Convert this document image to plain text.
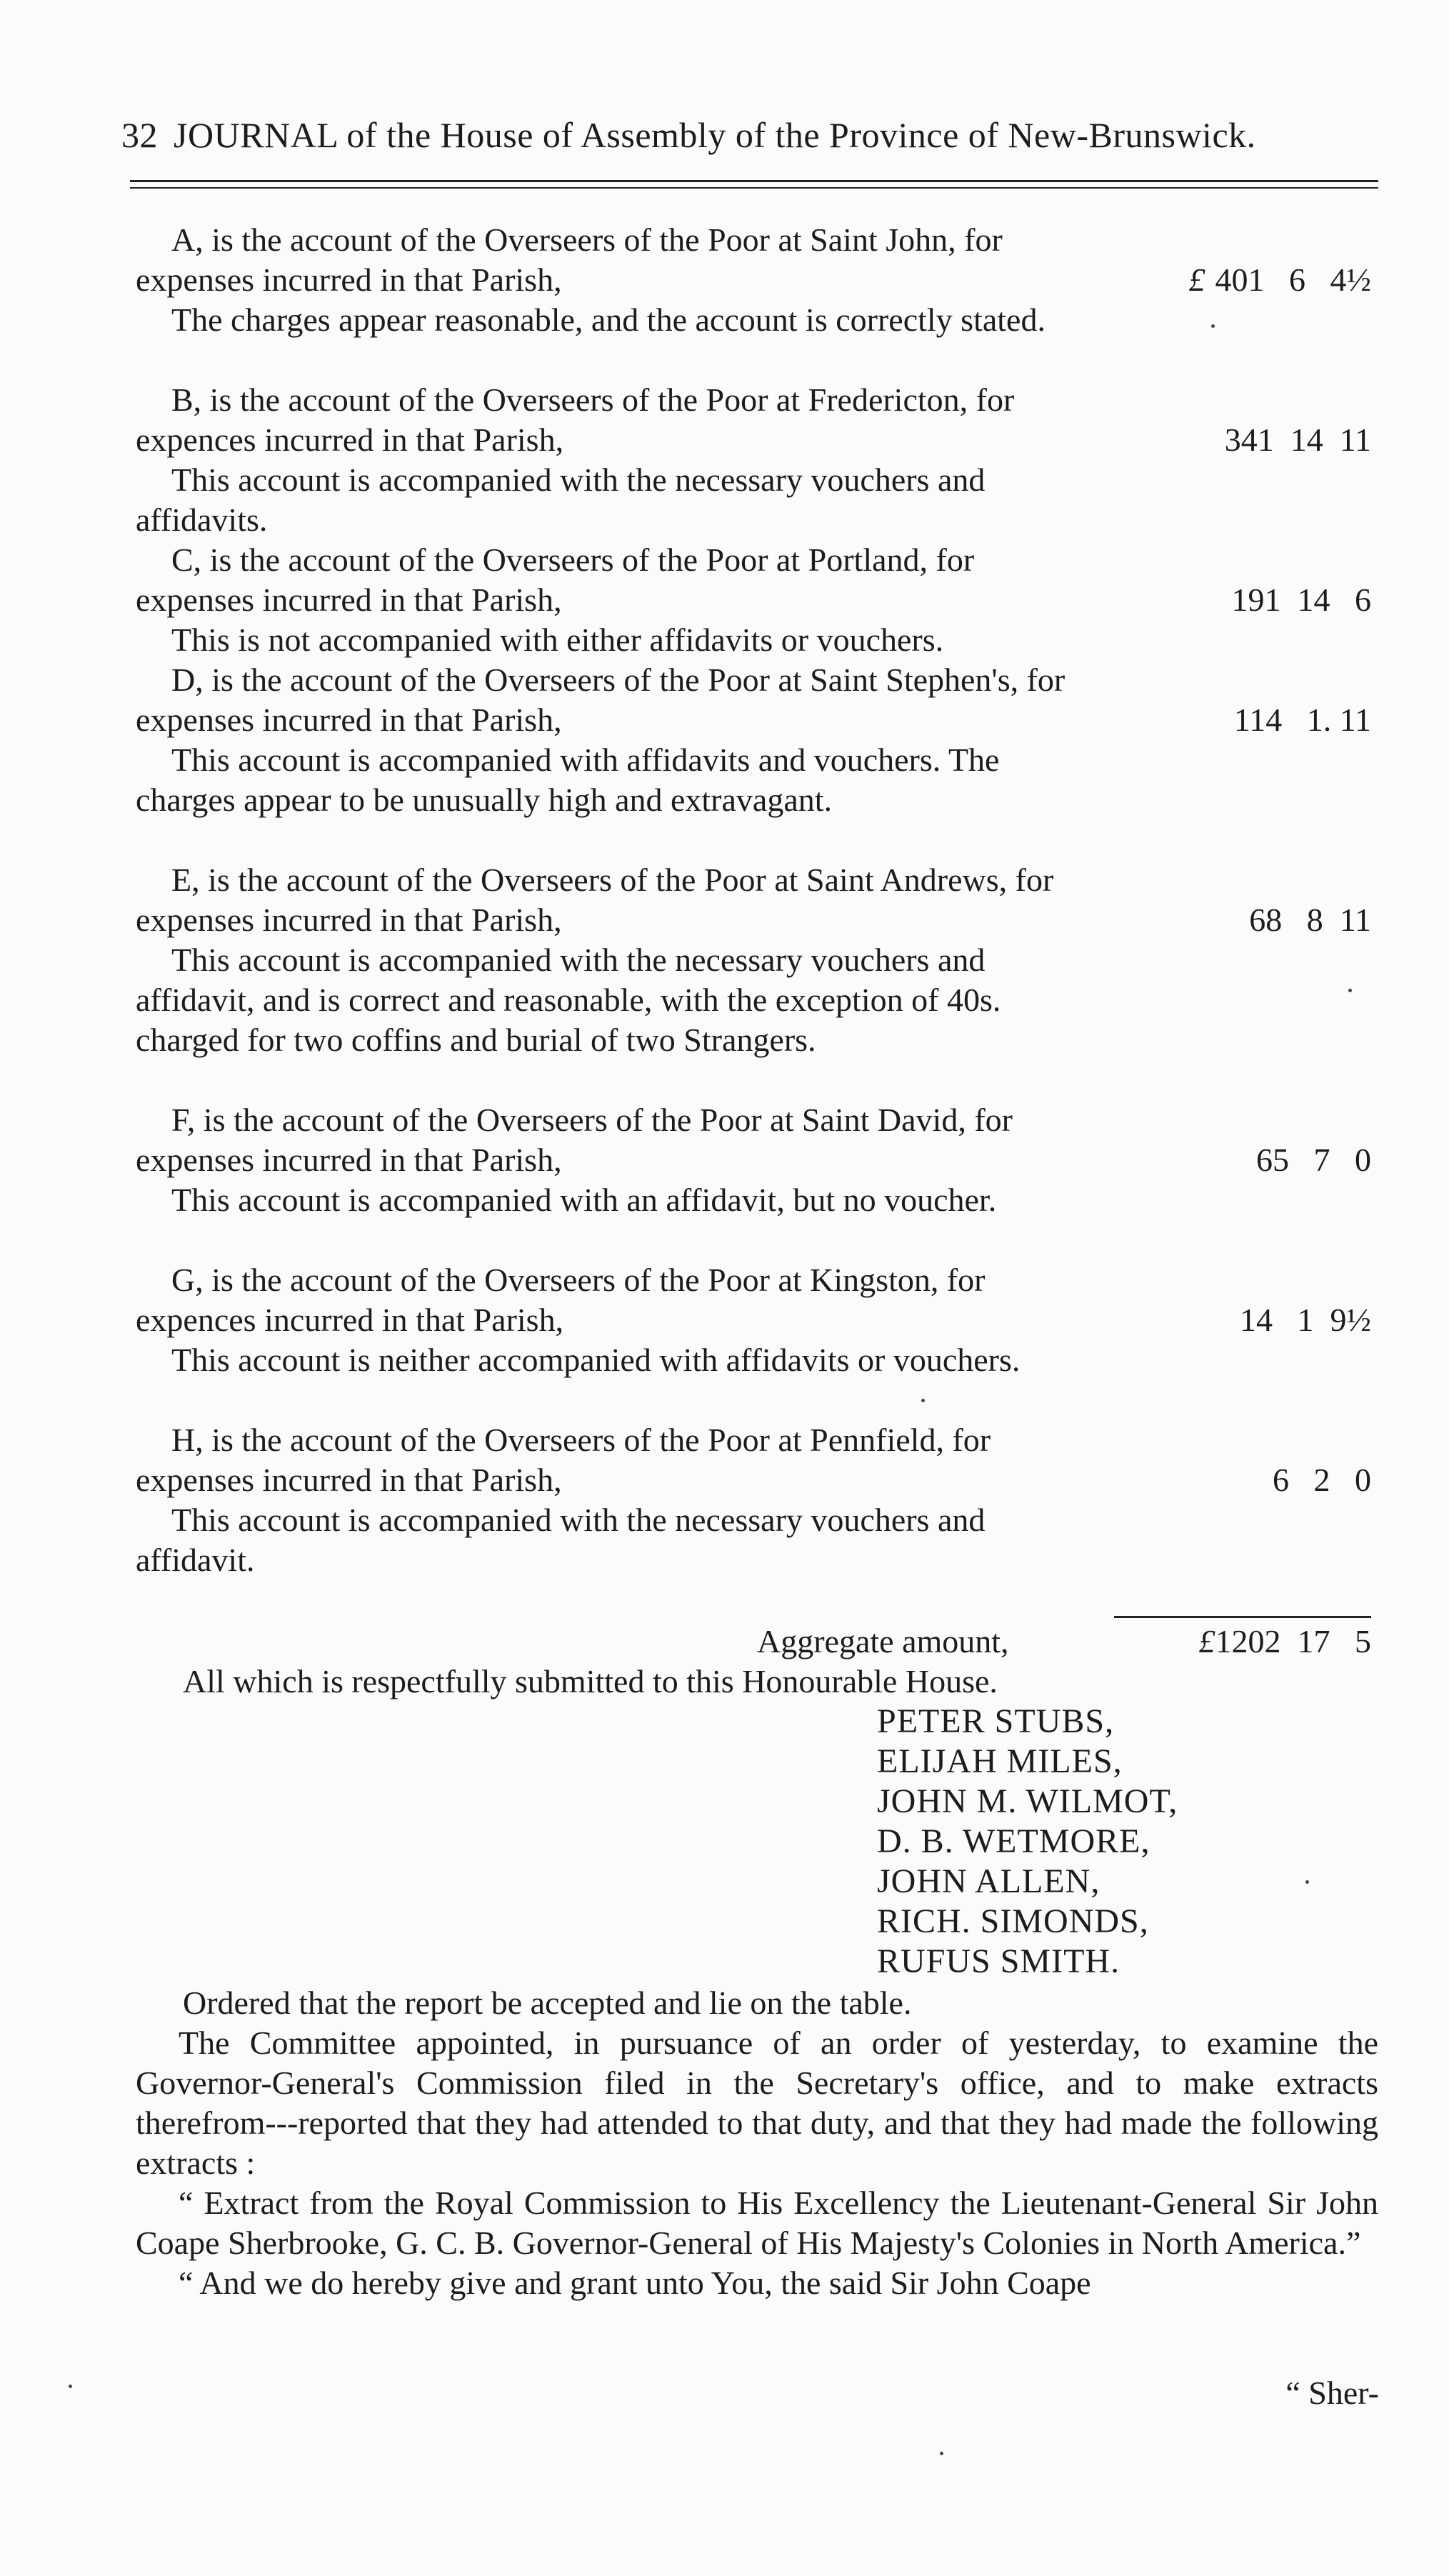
32 JOURNAL of the House of Assembly of the Province of New-Brunswick.

A, is the account of the Overseers of the Poor at Saint John, for expenses incurred in that Parish,

The charges appear reasonable, and the account is correctly stated.

£ 401 6 4½

B, is the account of the Overseers of the Poor at Fredericton, for expences incurred in that Parish,

This account is accompanied with the necessary vouchers and affidavits.

341 14 11

C, is the account of the Overseers of the Poor at Portland, for expenses incurred in that Parish,

This is not accompanied with either affidavits or vouchers.

191 14 6

D, is the account of the Overseers of the Poor at Saint Stephen's, for expenses incurred in that Parish,

This account is accompanied with affidavits and vouchers. The charges appear to be unusually high and extravagant.

114 1. 11

E, is the account of the Overseers of the Poor at Saint Andrews, for expenses incurred in that Parish,

This account is accompanied with the necessary vouchers and affidavit, and is correct and reasonable, with the exception of 40s. charged for two coffins and burial of two Strangers.

68 8 11

F, is the account of the Overseers of the Poor at Saint David, for expenses incurred in that Parish,

This account is accompanied with an affidavit, but no voucher.

65 7 0

G, is the account of the Overseers of the Poor at Kingston, for expences incurred in that Parish,

This account is neither accompanied with affidavits or vouchers.

14 1 9½

H, is the account of the Overseers of the Poor at Pennfield, for expenses incurred in that Parish,

This account is accompanied with the necessary vouchers and affidavit.

6 2 0
Aggregate amount,	£1202 17 5
All which is respectfully submitted to this Honourable House.
PETER STUBS,
ELIJAH MILES,
JOHN M. WILMOT,
D. B. WETMORE,
JOHN ALLEN,
RICH. SIMONDS,
RUFUS SMITH.
Ordered that the report be accepted and lie on the table.

The Committee appointed, in pursuance of an order of yesterday, to examine the Governor-General's Commission filed in the Secretary's office, and to make extracts therefrom---reported that they had attended to that duty, and that they had made the following extracts :

“ Extract from the Royal Commission to His Excellency the Lieutenant-General Sir John Coape Sherbrooke, G. C. B. Governor-General of His Majesty's Colonies in North America.”

“ And we do hereby give and grant unto You, the said Sir John Coape

“ Sher-
